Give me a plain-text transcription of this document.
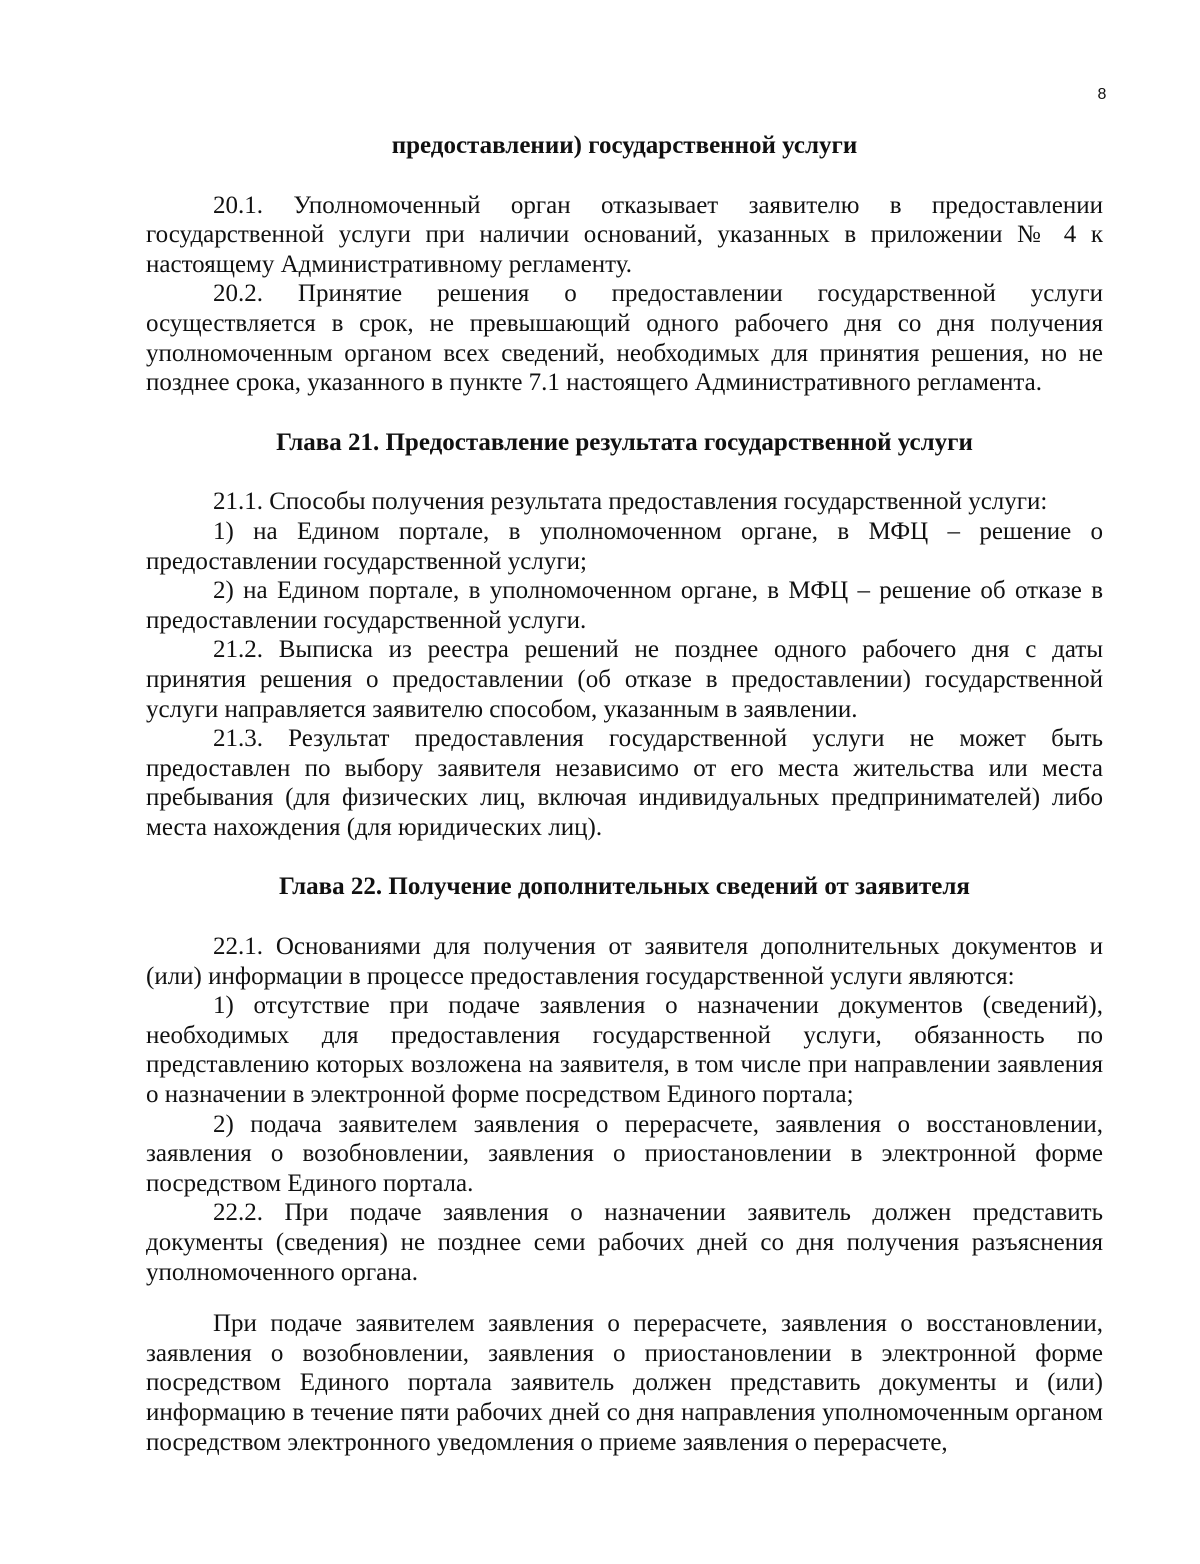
8

предоставлении) государственной услуги

20.1. Уполномоченный орган отказывает заявителю в предоставлении государственной услуги при наличии оснований, указанных в приложении № 4 к настоящему Административному регламенту.

20.2. Принятие решения о предоставлении государственной услуги осуществляется в срок, не превышающий одного рабочего дня со дня получения уполномоченным органом всех сведений, необходимых для принятия решения, но не позднее срока, указанного в пункте 7.1 настоящего Административного регламента.

Глава 21. Предоставление результата государственной услуги

21.1. Способы получения результата предоставления государственной услуги:

1) на Едином портале, в уполномоченном органе, в МФЦ – решение о предоставлении государственной услуги;

2) на Едином портале, в уполномоченном органе, в МФЦ – решение об отказе в предоставлении государственной услуги.

21.2. Выписка из реестра решений не позднее одного рабочего дня с даты принятия решения о предоставлении (об отказе в предоставлении) государственной услуги направляется заявителю способом, указанным в заявлении.

21.3. Результат предоставления государственной услуги не может быть предоставлен по выбору заявителя независимо от его места жительства или места пребывания (для физических лиц, включая индивидуальных предпринимателей) либо места нахождения (для юридических лиц).

Глава 22. Получение дополнительных сведений от заявителя

22.1. Основаниями для получения от заявителя дополнительных документов и (или) информации в процессе предоставления государственной услуги являются:

1) отсутствие при подаче заявления о назначении документов (сведений), необходимых для предоставления государственной услуги, обязанность по представлению которых возложена на заявителя, в том числе при направлении заявления о назначении в электронной форме посредством Единого портала;

2) подача заявителем заявления о перерасчете, заявления о восстановлении, заявления о возобновлении, заявления о приостановлении в электронной форме посредством Единого портала.

22.2. При подаче заявления о назначении заявитель должен представить документы (сведения) не позднее семи рабочих дней со дня получения разъяснения уполномоченного органа.

При подаче заявителем заявления о перерасчете, заявления о восстановлении, заявления о возобновлении, заявления о приостановлении в электронной форме посредством Единого портала заявитель должен представить документы и (или) информацию в течение пяти рабочих дней со дня направления уполномоченным органом посредством электронного уведомления о приеме заявления о перерасчете,
